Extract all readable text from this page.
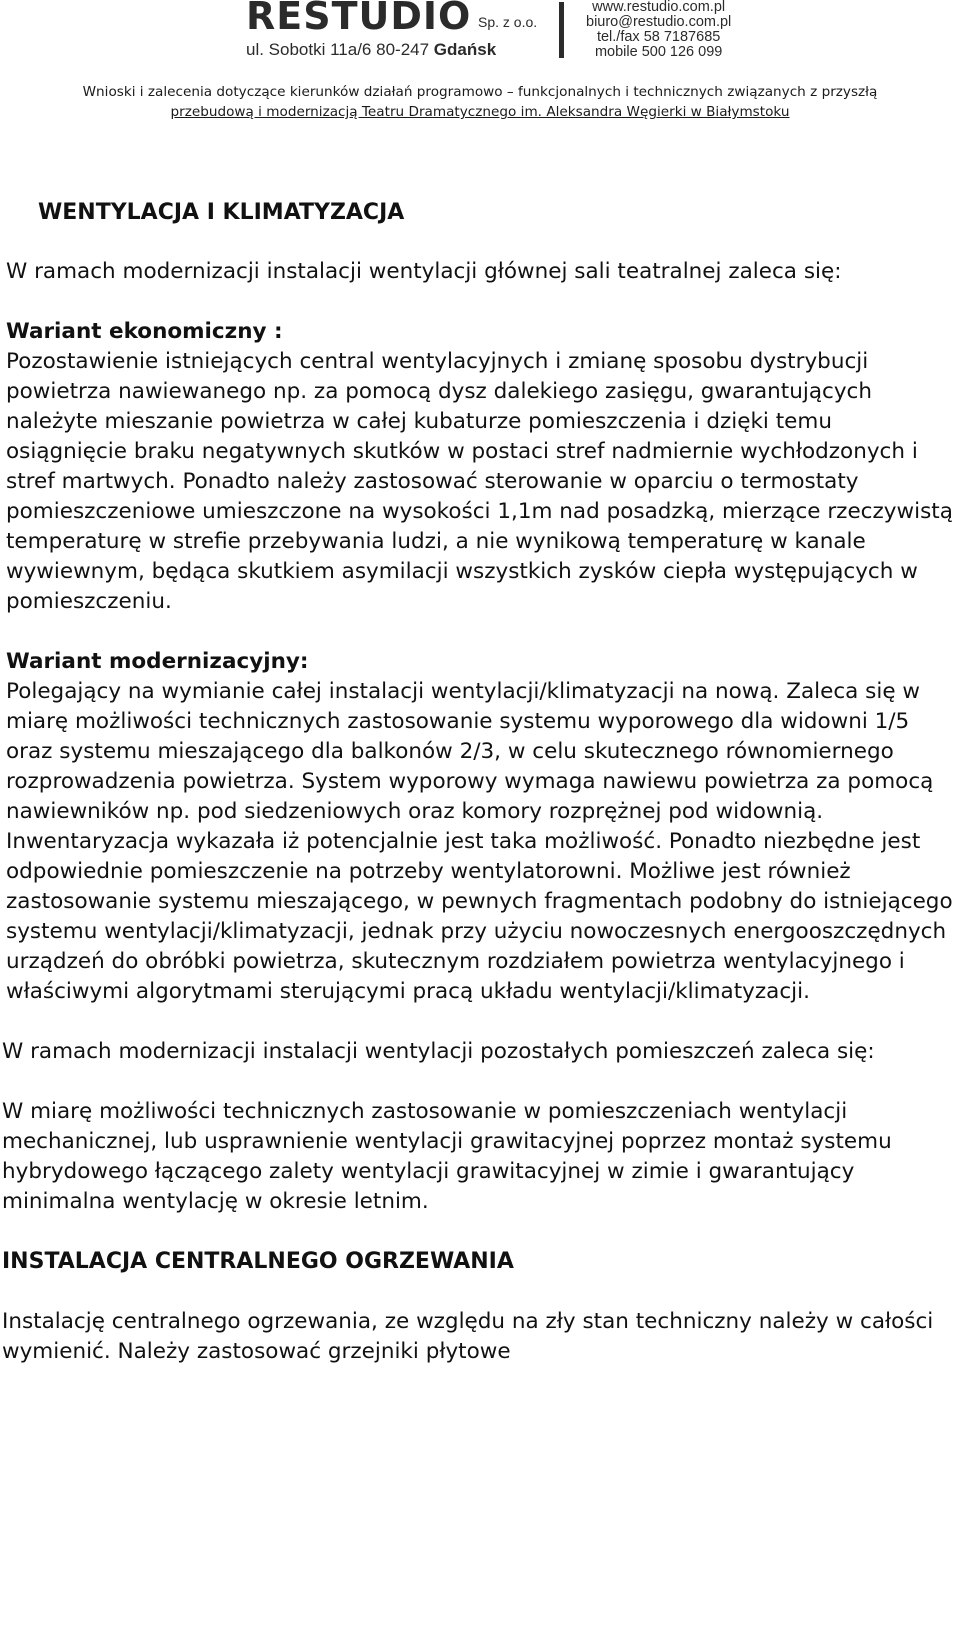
RESTUDIO Sp. z o.o.
ul. Sobotki 11a/6 80-247 Gdańsk
www.restudio.com.pl
biuro@restudio.com.pl
tel./fax 58 7187685
mobile 500 126 099
Wnioski i zalecenia dotyczące kierunków działań programowo – funkcjonalnych i technicznych związanych z przyszłą
przebudową i modernizacją Teatru Dramatycznego im. Aleksandra Węgierki w Białymstoku

WENTYLACJA I KLIMATYZACJA

W ramach modernizacji instalacji wentylacji głównej sali teatralnej zaleca się:

Wariant ekonomiczny :

Pozostawienie istniejących central wentylacyjnych i zmianę sposobu dystrybucji powietrza nawiewanego np. za pomocą dysz dalekiego zasięgu, gwarantujących należyte mieszanie powietrza w całej kubaturze pomieszczenia i dzięki temu osiągnięcie braku negatywnych skutków w postaci stref nadmiernie wychłodzonych i stref martwych. Ponadto należy zastosować sterowanie w oparciu o termostaty pomieszczeniowe umieszczone na wysokości 1,1m nad posadzką, mierzące rzeczywistą temperaturę w strefie przebywania ludzi, a nie wynikową temperaturę w kanale wywiewnym, będąca skutkiem asymilacji wszystkich zysków ciepła występujących w pomieszczeniu.

Wariant modernizacyjny:

Polegający na wymianie całej instalacji wentylacji/klimatyzacji na nową. Zaleca się w miarę możliwości technicznych zastosowanie systemu wyporowego dla widowni 1/5 oraz systemu mieszającego dla balkonów 2/3, w celu skutecznego równomiernego rozprowadzenia powietrza. System wyporowy wymaga nawiewu powietrza za pomocą nawiewników np. pod siedzeniowych oraz komory rozprężnej pod widownią. Inwentaryzacja wykazała iż potencjalnie jest taka możliwość. Ponadto niezbędne jest odpowiednie pomieszczenie na potrzeby wentylatorowni. Możliwe jest również zastosowanie systemu mieszającego, w pewnych fragmentach podobny do istniejącego systemu wentylacji/klimatyzacji, jednak przy użyciu nowoczesnych energooszczędnych urządzeń do obróbki powietrza, skutecznym rozdziałem powietrza wentylacyjnego i właściwymi algorytmami sterującymi pracą układu wentylacji/klimatyzacji.

W ramach modernizacji instalacji wentylacji pozostałych pomieszczeń zaleca się:

W miarę możliwości technicznych zastosowanie w pomieszczeniach wentylacji mechanicznej, lub usprawnienie wentylacji grawitacyjnej poprzez montaż systemu hybrydowego łączącego zalety wentylacji grawitacyjnej w zimie i gwarantujący minimalna wentylację w okresie letnim.

INSTALACJA CENTRALNEGO OGRZEWANIA

Instalację centralnego ogrzewania, ze względu na zły stan techniczny należy w całości wymienić. Należy zastosować grzejniki płytowe
